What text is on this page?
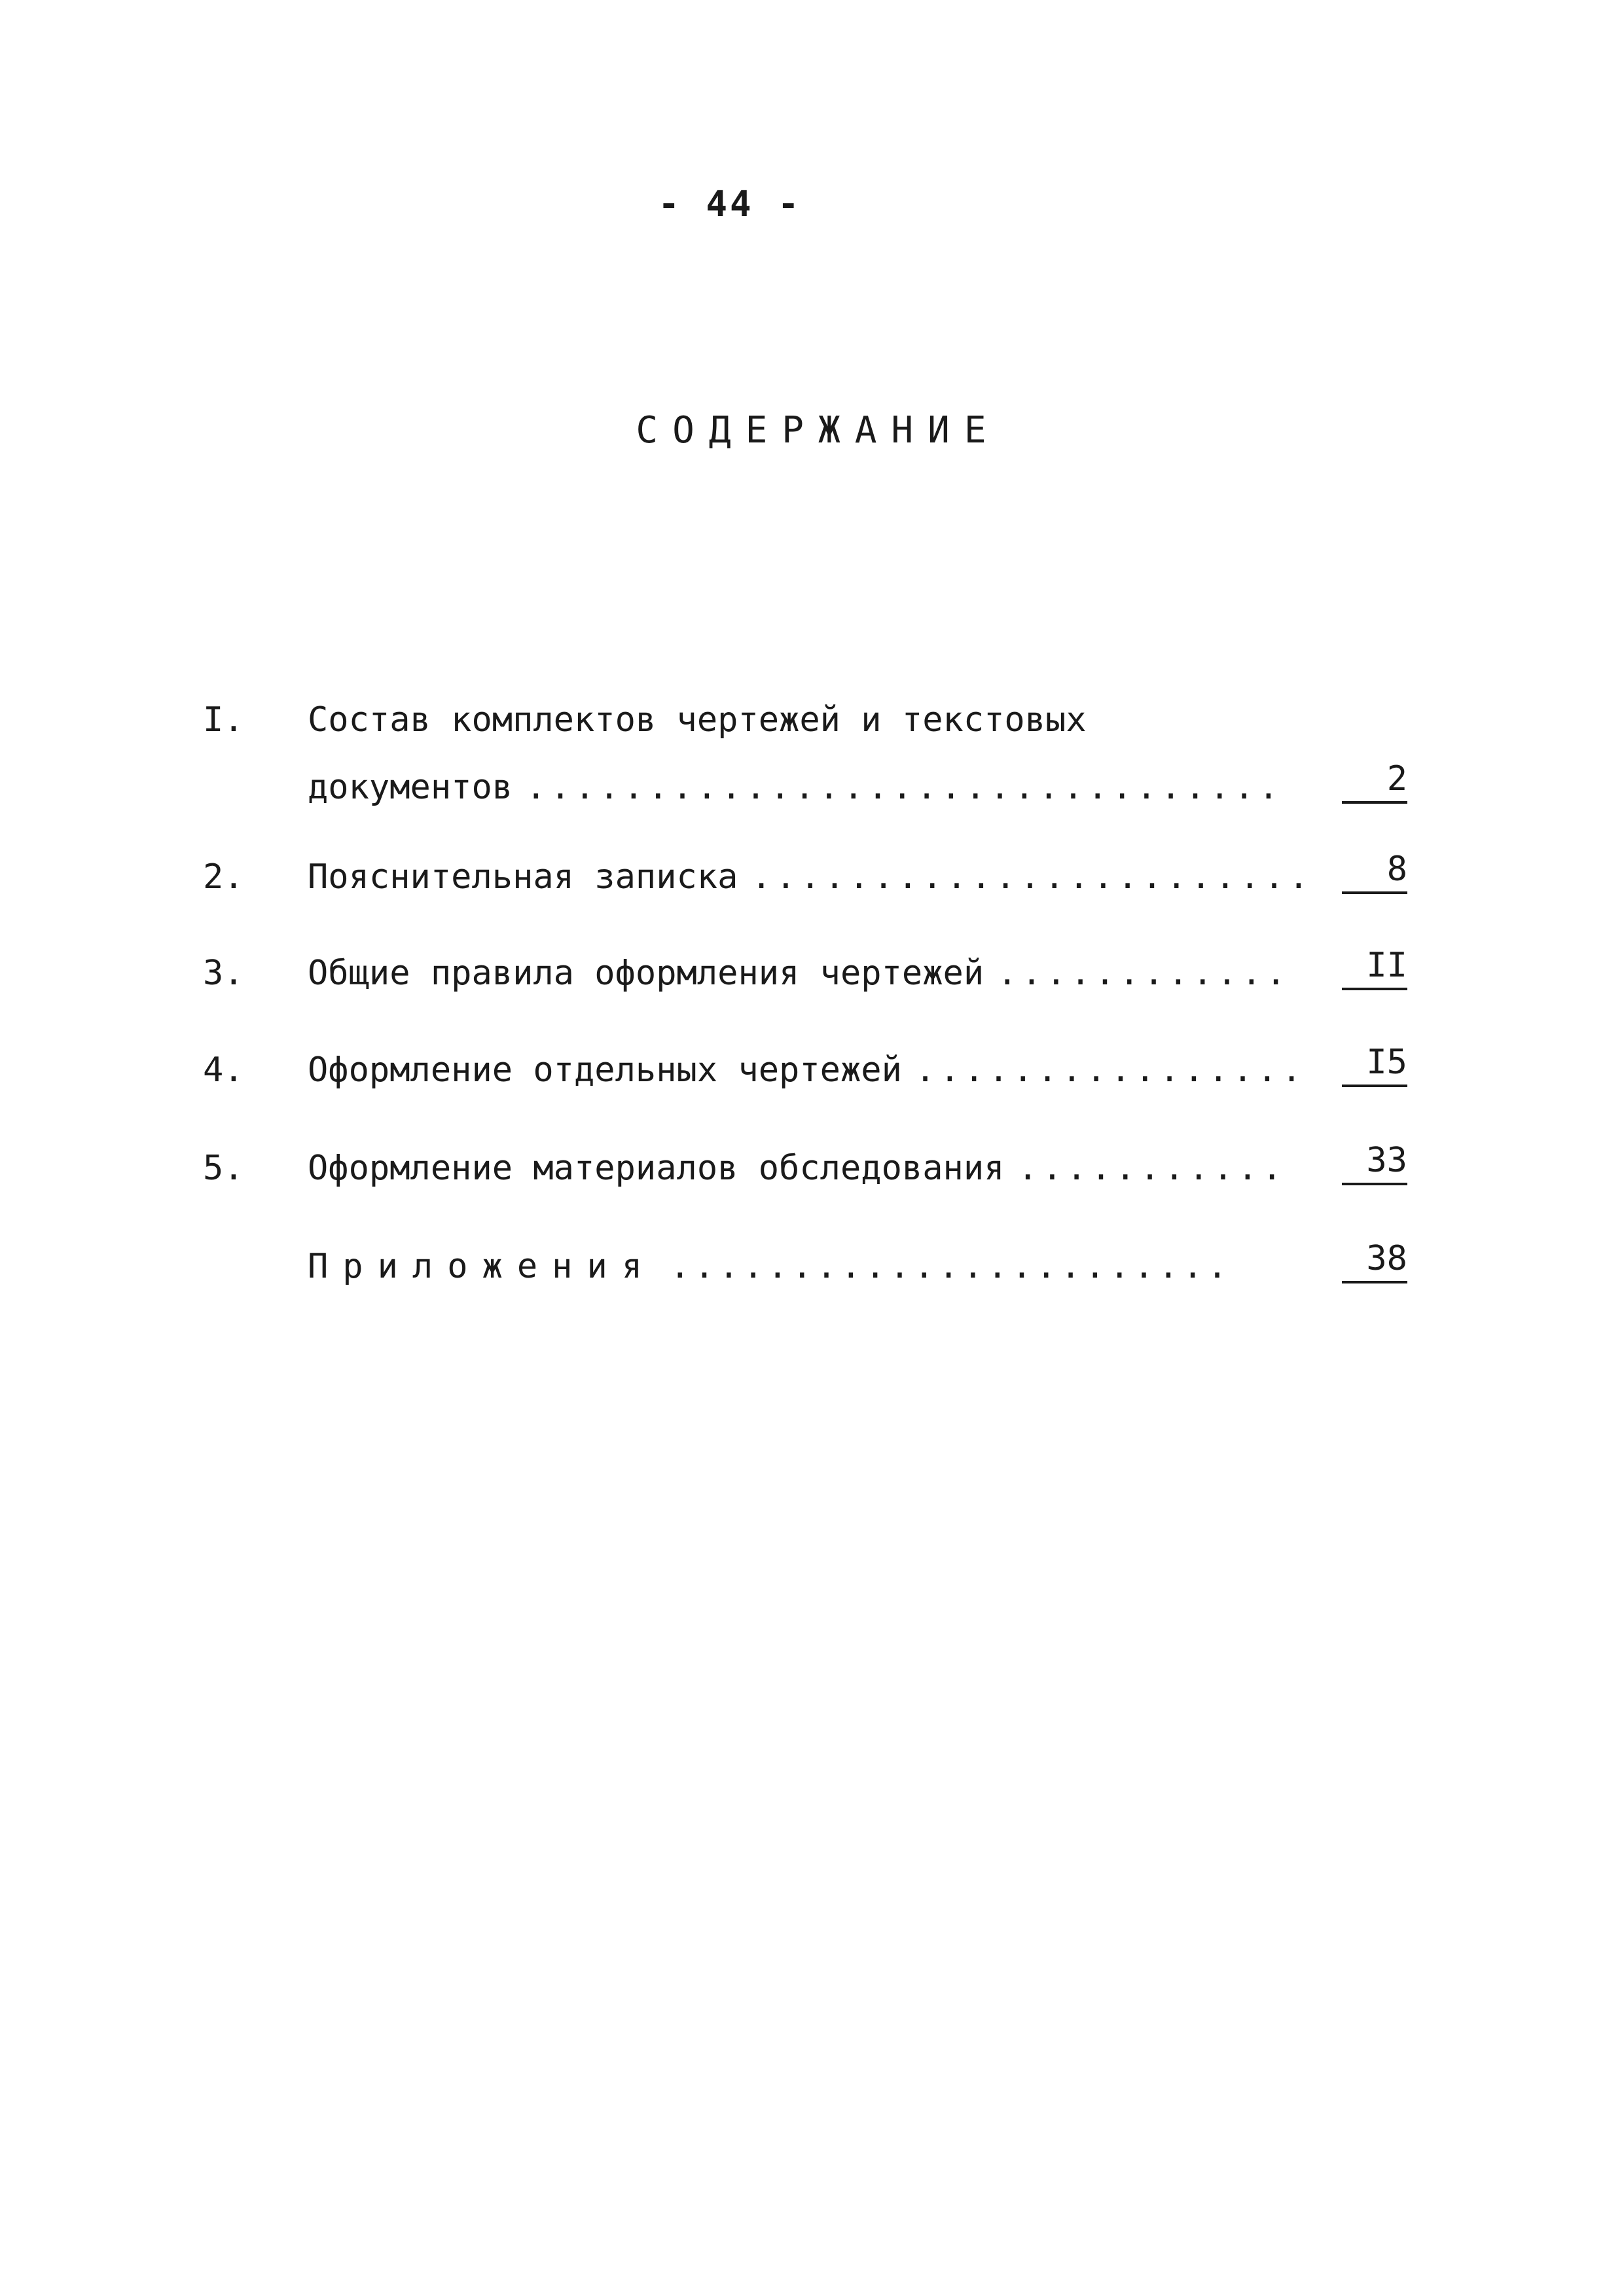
- 44 -
СОДЕРЖАНИЕ
I. Состав комплектов чертежей и текстовых
документов ...............................	2
2. Пояснительная записка .......................	8
3. Общие правила оформления чертежей ............	II
4. Оформление отдельных чертежей ................	I5
5. Оформление материалов обследования ...........	33
Приложения .......................	38
